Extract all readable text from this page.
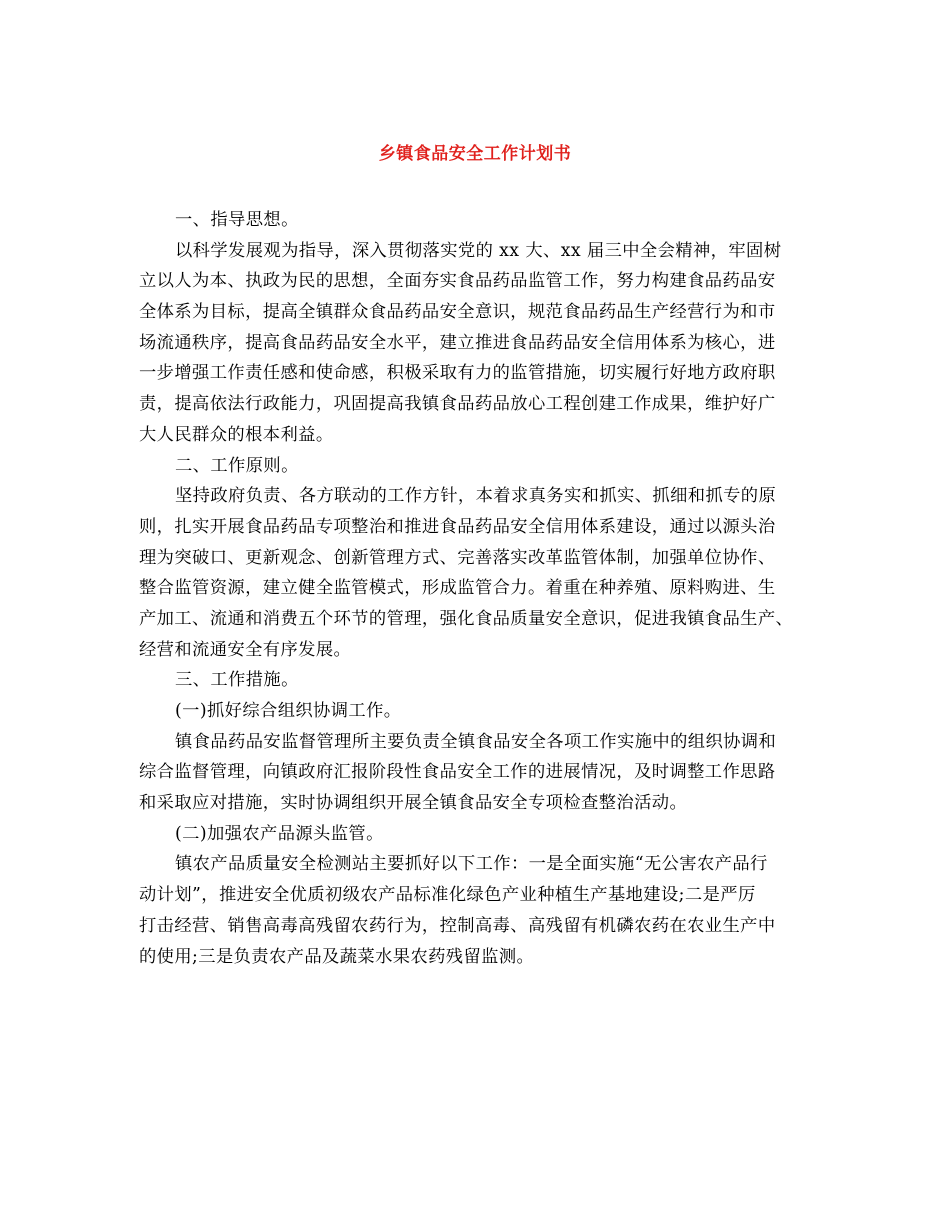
乡镇食品安全工作计划书
一、指导思想。
以科学发展观为指导，深入贯彻落实党的 xx 大、xx 届三中全会精神，牢固树
立以人为本、执政为民的思想，全面夯实食品药品监管工作，努力构建食品药品安
全体系为目标，提高全镇群众食品药品安全意识，规范食品药品生产经营行为和市
场流通秩序，提高食品药品安全水平，建立推进食品药品安全信用体系为核心，进
一步增强工作责任感和使命感，积极采取有力的监管措施，切实履行好地方政府职
责，提高依法行政能力，巩固提高我镇食品药品放心工程创建工作成果，维护好广
大人民群众的根本利益。
二、工作原则。
坚持政府负责、各方联动的工作方针，本着求真务实和抓实、抓细和抓专的原
则，扎实开展食品药品专项整治和推进食品药品安全信用体系建设，通过以源头治
理为突破口、更新观念、创新管理方式、完善落实改革监管体制，加强单位协作、
整合监管资源，建立健全监管模式，形成监管合力。着重在种养殖、原料购进、生
产加工、流通和消费五个环节的管理，强化食品质量安全意识，促进我镇食品生产、
经营和流通安全有序发展。
三、工作措施。
(一)抓好综合组织协调工作。
镇食品药品安监督管理所主要负责全镇食品安全各项工作实施中的组织协调和
综合监督管理，向镇政府汇报阶段性食品安全工作的进展情况，及时调整工作思路
和采取应对措施，实时协调组织开展全镇食品安全专项检查整治活动。
(二)加强农产品源头监管。
镇农产品质量安全检测站主要抓好以下工作：一是全面实施“无公害农产品行
动计划”，推进安全优质初级农产品标准化绿色产业种植生产基地建设;二是严厉
打击经营、销售高毒高残留农药行为，控制高毒、高残留有机磷农药在农业生产中
的使用;三是负责农产品及蔬菜水果农药残留监测。
